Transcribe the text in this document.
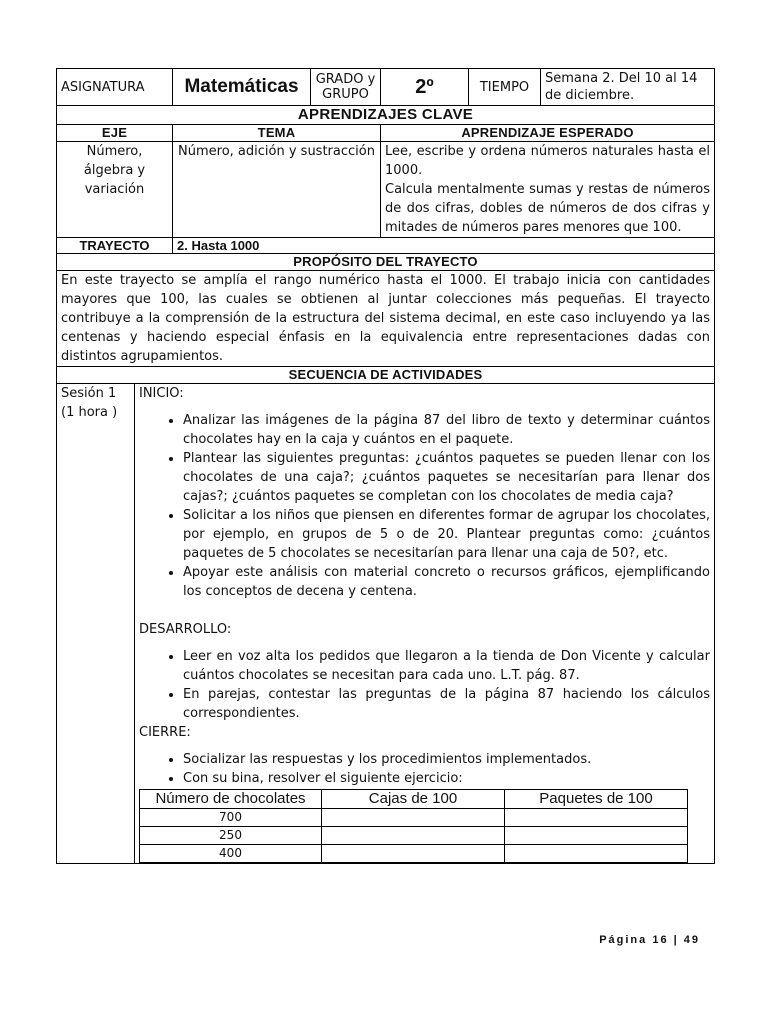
ASIGNATURA	Matemáticas	GRADO y GRUPO	2º	TIEMPO	Semana 2. Del 10 al 14 de diciembre.
APRENDIZAJES CLAVE					
EJE	TEMA		APRENDIZAJE ESPERADO		
Número, álgebra y variación	Número, adición y sustracción		Lee, escribe y ordena números naturales hasta el 1000.
Calcula mentalmente sumas y restas de números de dos cifras, dobles de números de dos cifras y mitades de números pares menores que 100.		

TRAYECTO	2. Hasta 1000				
PROPÓSITO DEL TRAYECTO					
En este trayecto se amplía el rango numérico hasta el 1000. El trabajo inicia con cantidades mayores que 100, las cuales se obtienen al juntar colecciones más pequeñas. El trayecto contribuye a la comprensión de la estructura del sistema decimal, en este caso incluyendo ya las centenas y haciendo especial énfasis en la equivalencia entre representaciones dadas con distintos agrupamientos.					
SECUENCIA DE ACTIVIDADES					
Sesión 1 (1 hora )	

INICIO:

• Analizar las imágenes de la página 87 del libro de texto y determinar cuántos chocolates hay en la caja y cuántos en el paquete.
• Plantear las siguientes preguntas: ¿cuántos paquetes se pueden llenar con los chocolates de una caja?; ¿cuántos paquetes se necesitarían para llenar dos cajas?; ¿cuántos paquetes se completan con los chocolates de media caja?
• Solicitar a los niños que piensen en diferentes formar de agrupar los chocolates, por ejemplo, en grupos de 5 o de 20. Plantear preguntas como: ¿cuántos paquetes de 5 chocolates se necesitarían para llenar una caja de 50?, etc.
• Apoyar este análisis con material concreto o recursos gráficos, ejemplificando los conceptos de decena y centena.

DESARROLLO:

• Leer en voz alta los pedidos que llegaron a la tienda de Don Vicente y calcular cuántos chocolates se necesitan para cada uno. L.T. pág. 87.
• En parejas, contestar las preguntas de la página 87 haciendo los cálculos correspondientes.

CIERRE:

• Socializar las respuestas y los procedimientos implementados.
• Con su bina, resolver el siguiente ejercicio:
Número de chocolates	Cajas de 100	Paquetes de 100
700		
250		
400		
Página 16 | 49
